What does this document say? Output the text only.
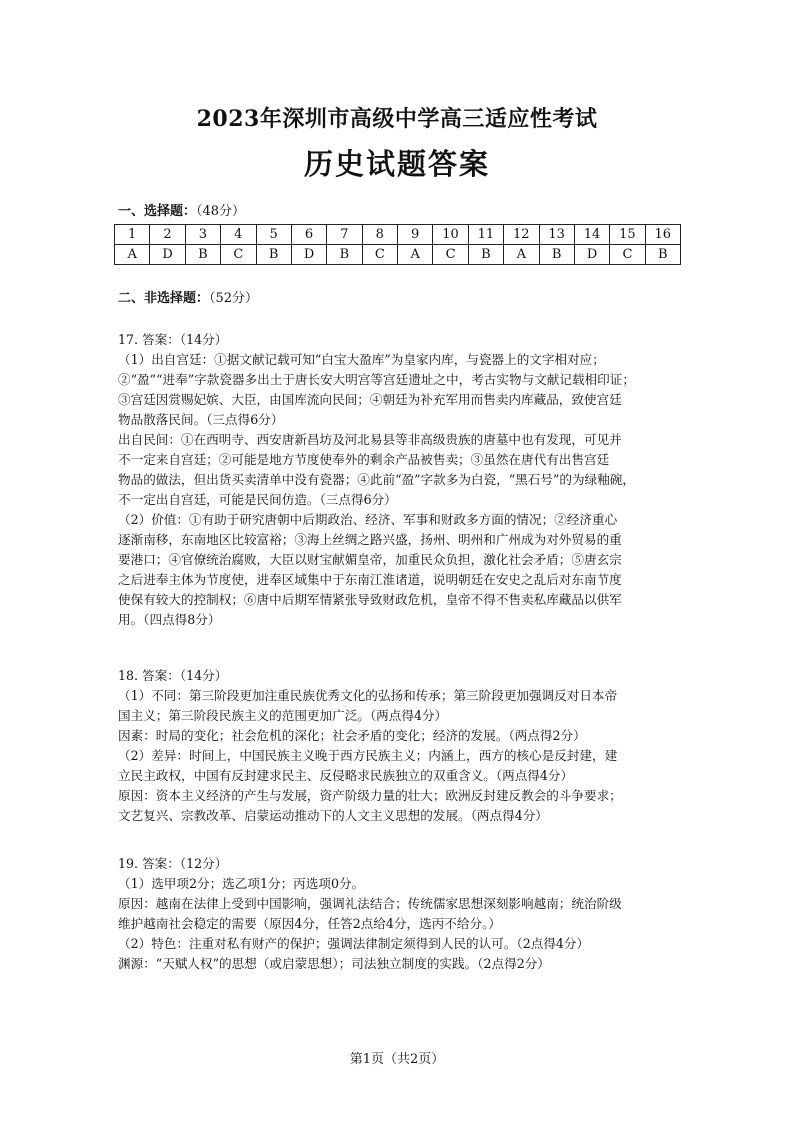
2023年深圳市高级中学高三适应性考试
历史试题答案
一、选择题：（48分）
1	2	3	4	5	6	7	8	9	10	11	12	13	14	15	16
A	D	B	C	B	D	B	C	A	C	B	A	B	D	C	B
二、非选择题：（52分）

17. 答案：（14分）

（1）出自宫廷：①据文献记载可知“白宝大盈库”为皇家内库，与瓷器上的文字相对应；

②“盈”“进奉”字款瓷器多出土于唐长安大明宫等宫廷遗址之中，考古实物与文献记载相印证；

③宫廷因赏赐妃嫔、大臣，由国库流向民间；④朝廷为补充军用而售卖内库藏品，致使宫廷

物品散落民间。（三点得6分）

出自民间：①在西明寺、西安唐新昌坊及河北易县等非高级贵族的唐墓中也有发现，可见并

不一定来自宫廷；②可能是地方节度使奉外的剩余产品被售卖；③虽然在唐代有出售宫廷

物品的做法，但出货买卖清单中没有瓷器；④此前“盈”字款多为白瓷，“黑石号”的为绿釉碗，

不一定出自宫廷，可能是民间仿造。（三点得6分）

（2）价值：①有助于研究唐朝中后期政治、经济、军事和财政多方面的情况；②经济重心

逐渐南移，东南地区比较富裕；③海上丝绸之路兴盛，扬州、明州和广州成为对外贸易的重

要港口；④官僚统治腐败，大臣以财宝献媚皇帝，加重民众负担，激化社会矛盾；⑤唐玄宗

之后进奉主体为节度使，进奉区域集中于东南江淮诸道，说明朝廷在安史之乱后对东南节度

使保有较大的控制权；⑥唐中后期军情紧张导致财政危机，皇帝不得不售卖私库藏品以供军

用。（四点得8分）

18. 答案：（14分）

（1）不同：第三阶段更加注重民族优秀文化的弘扬和传承；第三阶段更加强调反对日本帝

国主义；第三阶段民族主义的范围更加广泛。（两点得4分）

因素：时局的变化；社会危机的深化；社会矛盾的变化；经济的发展。（两点得2分）

（2）差异：时间上，中国民族主义晚于西方民族主义；内涵上，西方的核心是反封建，建

立民主政权，中国有反封建求民主、反侵略求民族独立的双重含义。（两点得4分）

原因：资本主义经济的产生与发展，资产阶级力量的壮大；欧洲反封建反教会的斗争要求；

文艺复兴、宗教改革、启蒙运动推动下的人文主义思想的发展。（两点得4分）

19. 答案：（12分）

（1）选甲项2分；选乙项1分；丙选项0分。

原因：越南在法律上受到中国影响，强调礼法结合；传统儒家思想深刻影响越南；统治阶级

维护越南社会稳定的需要（原因4分，任答2点给4分，选丙不给分。）

（2）特色：注重对私有财产的保护；强调法律制定须得到人民的认可。（2点得4分）

渊源：“天赋人权”的思想（或启蒙思想）；司法独立制度的实践。（2点得2分）

第1页（共2页）
